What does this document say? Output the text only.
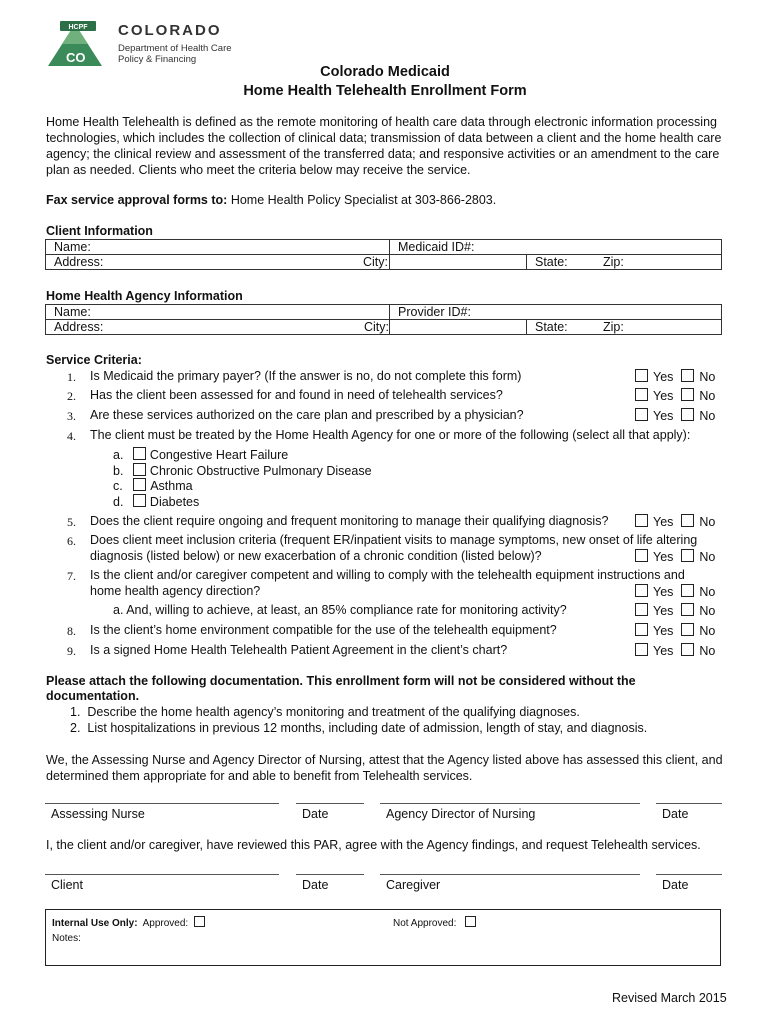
HCPF
CO
COLORADO
Department of Health Care
Policy & Financing
Colorado Medicaid
Home Health Telehealth Enrollment Form
Home Health Telehealth is defined as the remote monitoring of health care data through electronic information processing technologies, which includes the collection of clinical data; transmission of data between a client and the home health care agency; the clinical review and assessment of the transferred data; and responsive activities or an amendment to the care plan as needed. Clients who meet the criteria below may receive the service.
Fax service approval forms to: Home Health Policy Specialist at 303-866-2803.
Client Information
Name:	Medicaid ID#:		
Address: City:		State:	Zip:
Home Health Agency Information
Name:	Provider ID#:		
Address: City:		State:	Zip:
Service Criteria:
1. Is Medicaid the primary payer? (If the answer is no, do not complete this form)	Yes No
2. Has the client been assessed for and found in need of telehealth services?	Yes No
3. Are these services authorized on the care plan and prescribed by a physician?	Yes No
4. The client must be treated by the Home Health Agency for one or more of the following (select all that apply):
a. Congestive Heart Failure
b. Chronic Obstructive Pulmonary Disease
c. Asthma
d. Diabetes
5. Does the client require ongoing and frequent monitoring to manage their qualifying diagnosis?	Yes No
6. Does client meet inclusion criteria (frequent ER/inpatient visits to manage symptoms, new onset of life altering
diagnosis (listed below) or new exacerbation of a chronic condition (listed below)?	Yes No
7. Is the client and/or caregiver competent and willing to comply with the telehealth equipment instructions and
home health agency direction?	Yes No
a. And, willing to achieve, at least, an 85% compliance rate for monitoring activity?	Yes No
8. Is the client’s home environment compatible for the use of the telehealth equipment?	Yes No
9. Is a signed Home Health Telehealth Patient Agreement in the client’s chart?	Yes No
Please attach the following documentation. This enrollment form will not be considered without the
documentation.
1. Describe the home health agency’s monitoring and treatment of the qualifying diagnoses.
2. List hospitalizations in previous 12 months, including date of admission, length of stay, and diagnosis.
We, the Assessing Nurse and Agency Director of Nursing, attest that the Agency listed above has assessed this client, and determined them appropriate for and able to benefit from Telehealth services.
Assessing Nurse	Date	Agency Director of Nursing	Date
I, the client and/or caregiver, have reviewed this PAR, agree with the Agency findings, and request Telehealth services.
Client	Date	Caregiver	Date
Internal Use Only: Approved:	Not Approved:
Notes:
Revised March 2015
